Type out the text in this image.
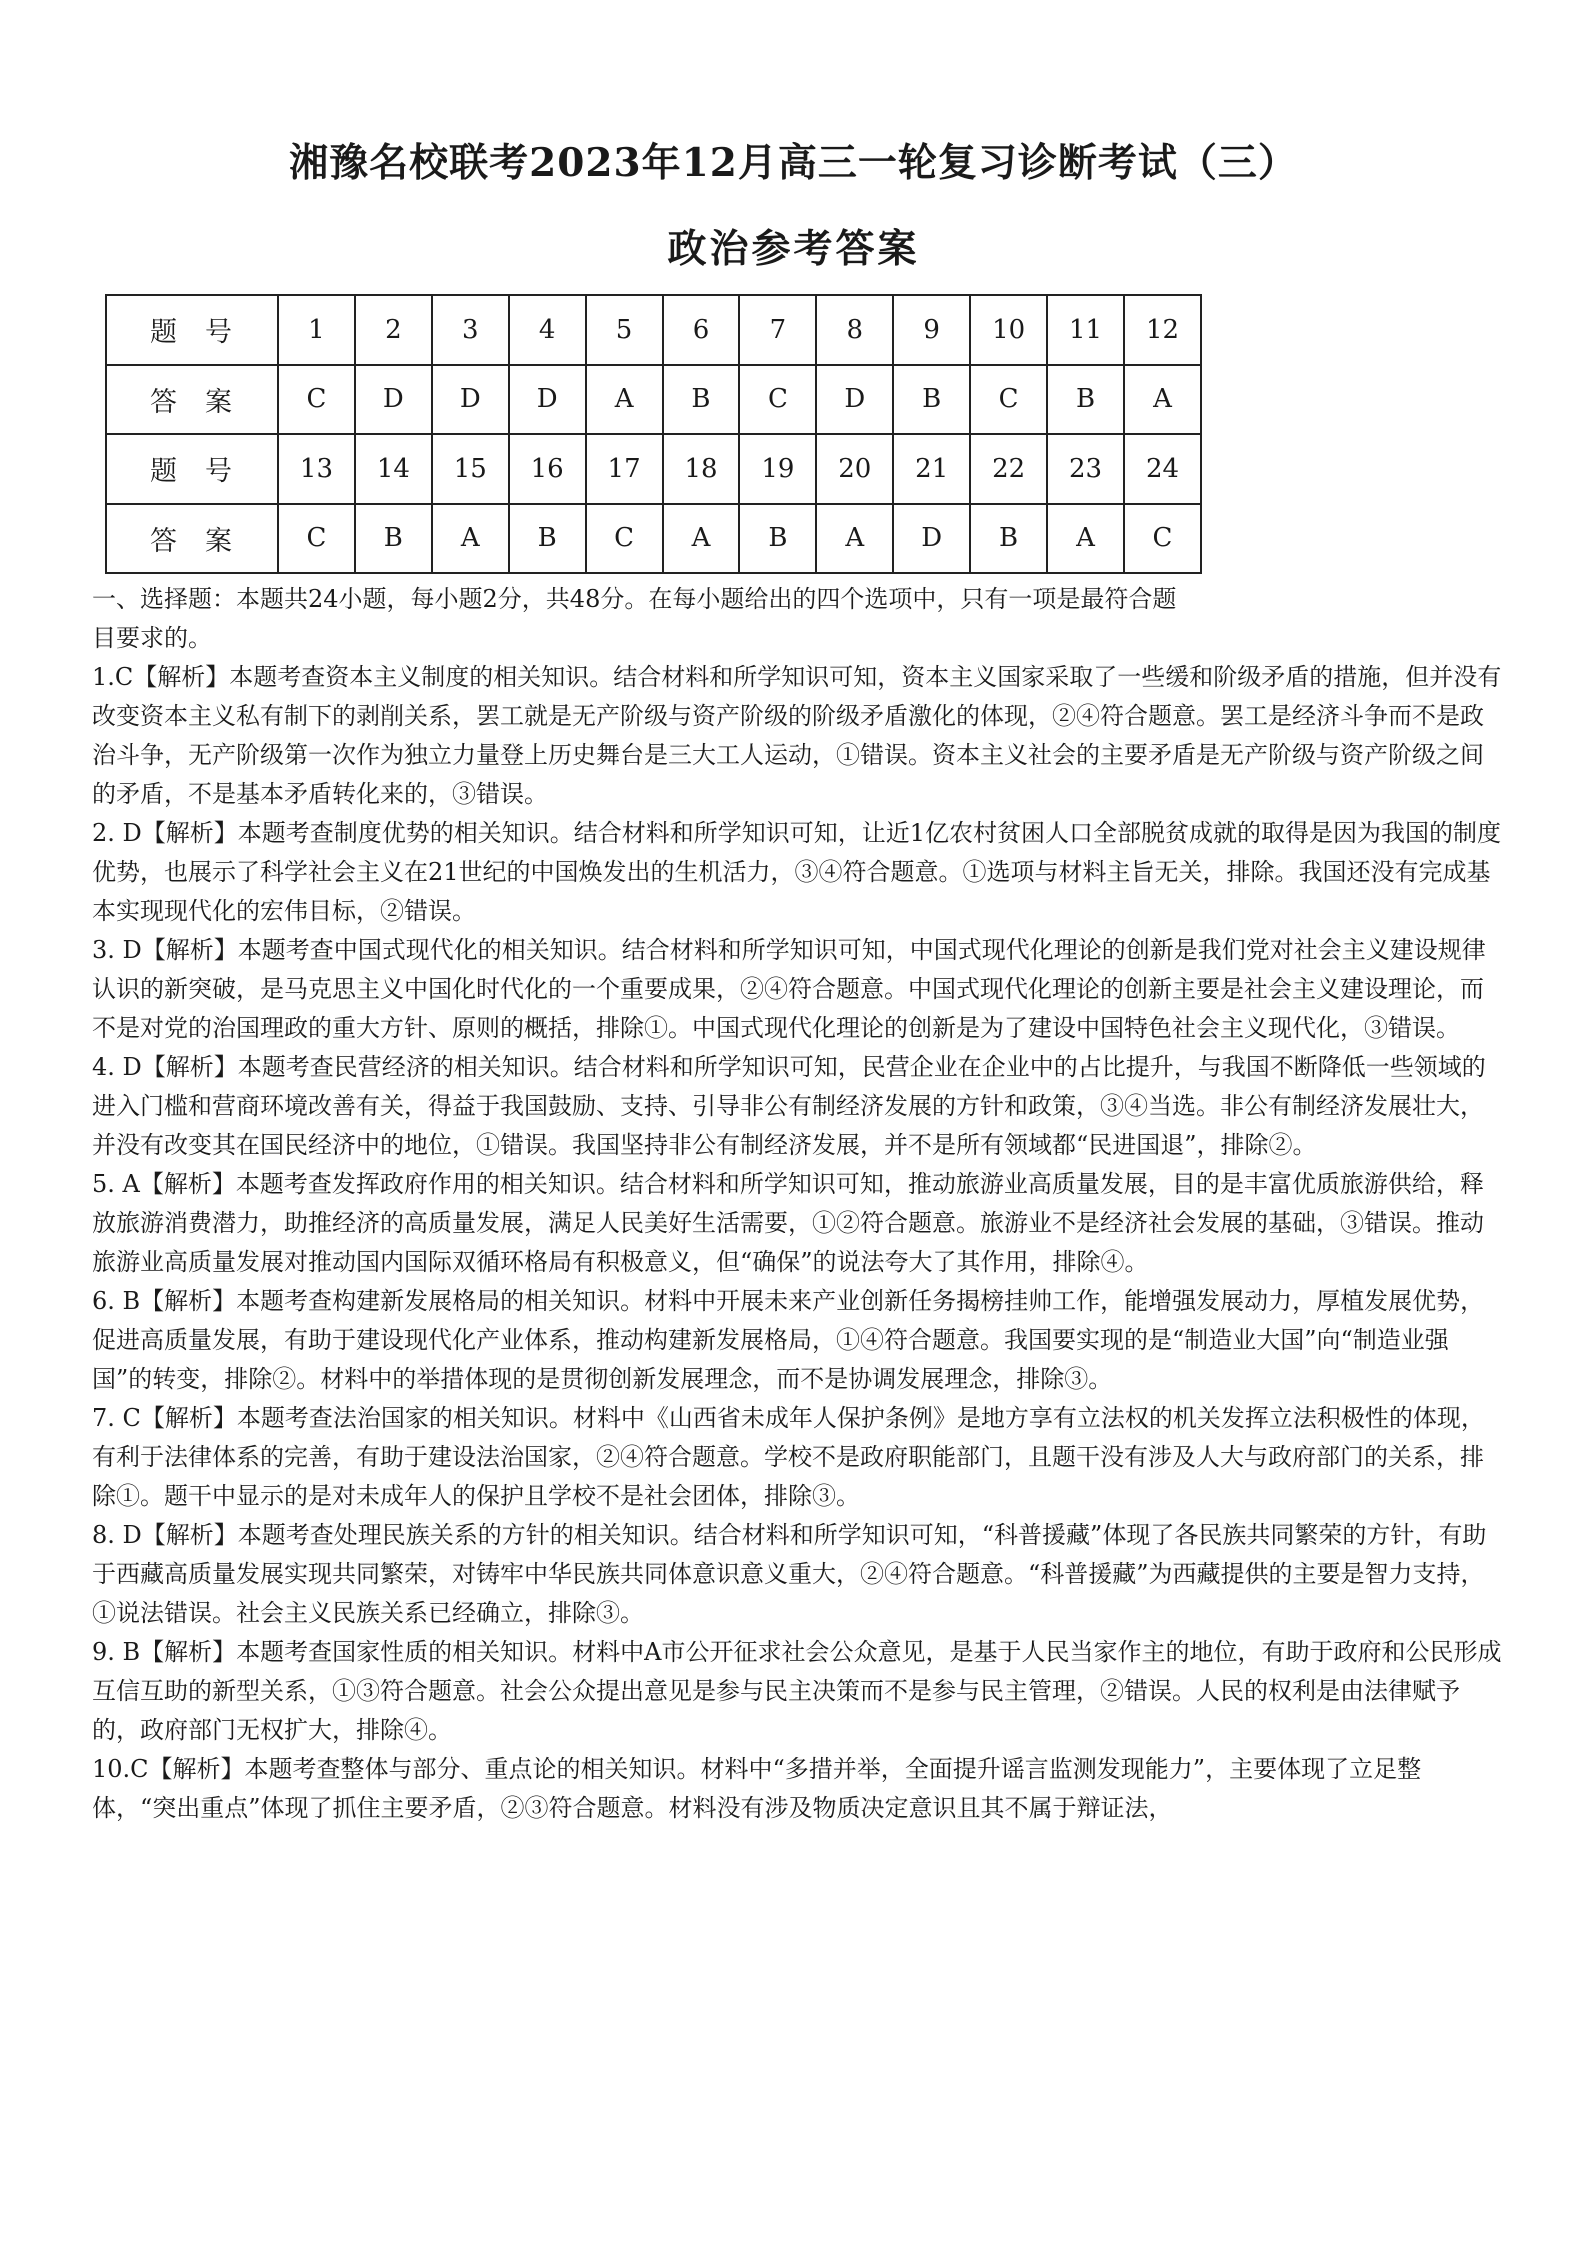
湘豫名校联考2023年12月高三一轮复习诊断考试（三）
政治参考答案
题号	1	2	3	4	5	6	7	8	9	10	11	12
答案	C	D	D	D	A	B	C	D	B	C	B	A
题号	13	14	15	16	17	18	19	20	21	22	23	24
答案	C	B	A	B	C	A	B	A	D	B	A	C

一、选择题：本题共24小题，每小题2分，共48分。在每小题给出的四个选项中，只有一项是最符合题目要求的。

1.C【解析】本题考查资本主义制度的相关知识。结合材料和所学知识可知，资本主义国家采取了一些缓和阶级矛盾的措施，但并没有改变资本主义私有制下的剥削关系，罢工就是无产阶级与资产阶级的阶级矛盾激化的体现，②④符合题意。罢工是经济斗争而不是政治斗争，无产阶级第一次作为独立力量登上历史舞台是三大工人运动，①错误。资本主义社会的主要矛盾是无产阶级与资产阶级之间的矛盾，不是基本矛盾转化来的，③错误。

2. D【解析】本题考查制度优势的相关知识。结合材料和所学知识可知，让近1亿农村贫困人口全部脱贫成就的取得是因为我国的制度优势，也展示了科学社会主义在21世纪的中国焕发出的生机活力，③④符合题意。①选项与材料主旨无关，排除。我国还没有完成基本实现现代化的宏伟目标，②错误。

3. D【解析】本题考查中国式现代化的相关知识。结合材料和所学知识可知，中国式现代化理论的创新是我们党对社会主义建设规律认识的新突破，是马克思主义中国化时代化的一个重要成果，②④符合题意。中国式现代化理论的创新主要是社会主义建设理论，而不是对党的治国理政的重大方针、原则的概括，排除①。中国式现代化理论的创新是为了建设中国特色社会主义现代化，③错误。

4. D【解析】本题考查民营经济的相关知识。结合材料和所学知识可知，民营企业在企业中的占比提升，与我国不断降低一些领域的进入门槛和营商环境改善有关，得益于我国鼓励、支持、引导非公有制经济发展的方针和政策，③④当选。非公有制经济发展壮大，并没有改变其在国民经济中的地位，①错误。我国坚持非公有制经济发展，并不是所有领域都“民进国退”，排除②。

5. A【解析】本题考查发挥政府作用的相关知识。结合材料和所学知识可知，推动旅游业高质量发展，目的是丰富优质旅游供给，释放旅游消费潜力，助推经济的高质量发展，满足人民美好生活需要，①②符合题意。旅游业不是经济社会发展的基础，③错误。推动旅游业高质量发展对推动国内国际双循环格局有积极意义，但“确保”的说法夸大了其作用，排除④。

6. B【解析】本题考查构建新发展格局的相关知识。材料中开展未来产业创新任务揭榜挂帅工作，能增强发展动力，厚植发展优势，促进高质量发展，有助于建设现代化产业体系，推动构建新发展格局，①④符合题意。我国要实现的是“制造业大国”向“制造业强国”的转变，排除②。材料中的举措体现的是贯彻创新发展理念，而不是协调发展理念，排除③。

7. C【解析】本题考查法治国家的相关知识。材料中《山西省未成年人保护条例》是地方享有立法权的机关发挥立法积极性的体现，有利于法律体系的完善，有助于建设法治国家，②④符合题意。学校不是政府职能部门，且题干没有涉及人大与政府部门的关系，排除①。题干中显示的是对未成年人的保护且学校不是社会团体，排除③。

8. D【解析】本题考查处理民族关系的方针的相关知识。结合材料和所学知识可知，“科普援藏”体现了各民族共同繁荣的方针，有助于西藏高质量发展实现共同繁荣，对铸牢中华民族共同体意识意义重大，②④符合题意。“科普援藏”为西藏提供的主要是智力支持，①说法错误。社会主义民族关系已经确立，排除③。

9. B【解析】本题考查国家性质的相关知识。材料中A市公开征求社会公众意见，是基于人民当家作主的地位，有助于政府和公民形成互信互助的新型关系，①③符合题意。社会公众提出意见是参与民主决策而不是参与民主管理，②错误。人民的权利是由法律赋予的，政府部门无权扩大，排除④。

10.C【解析】本题考查整体与部分、重点论的相关知识。材料中“多措并举，全面提升谣言监测发现能力”，主要体现了立足整体，“突出重点”体现了抓住主要矛盾，②③符合题意。材料没有涉及物质决定意识且其不属于辩证法，
